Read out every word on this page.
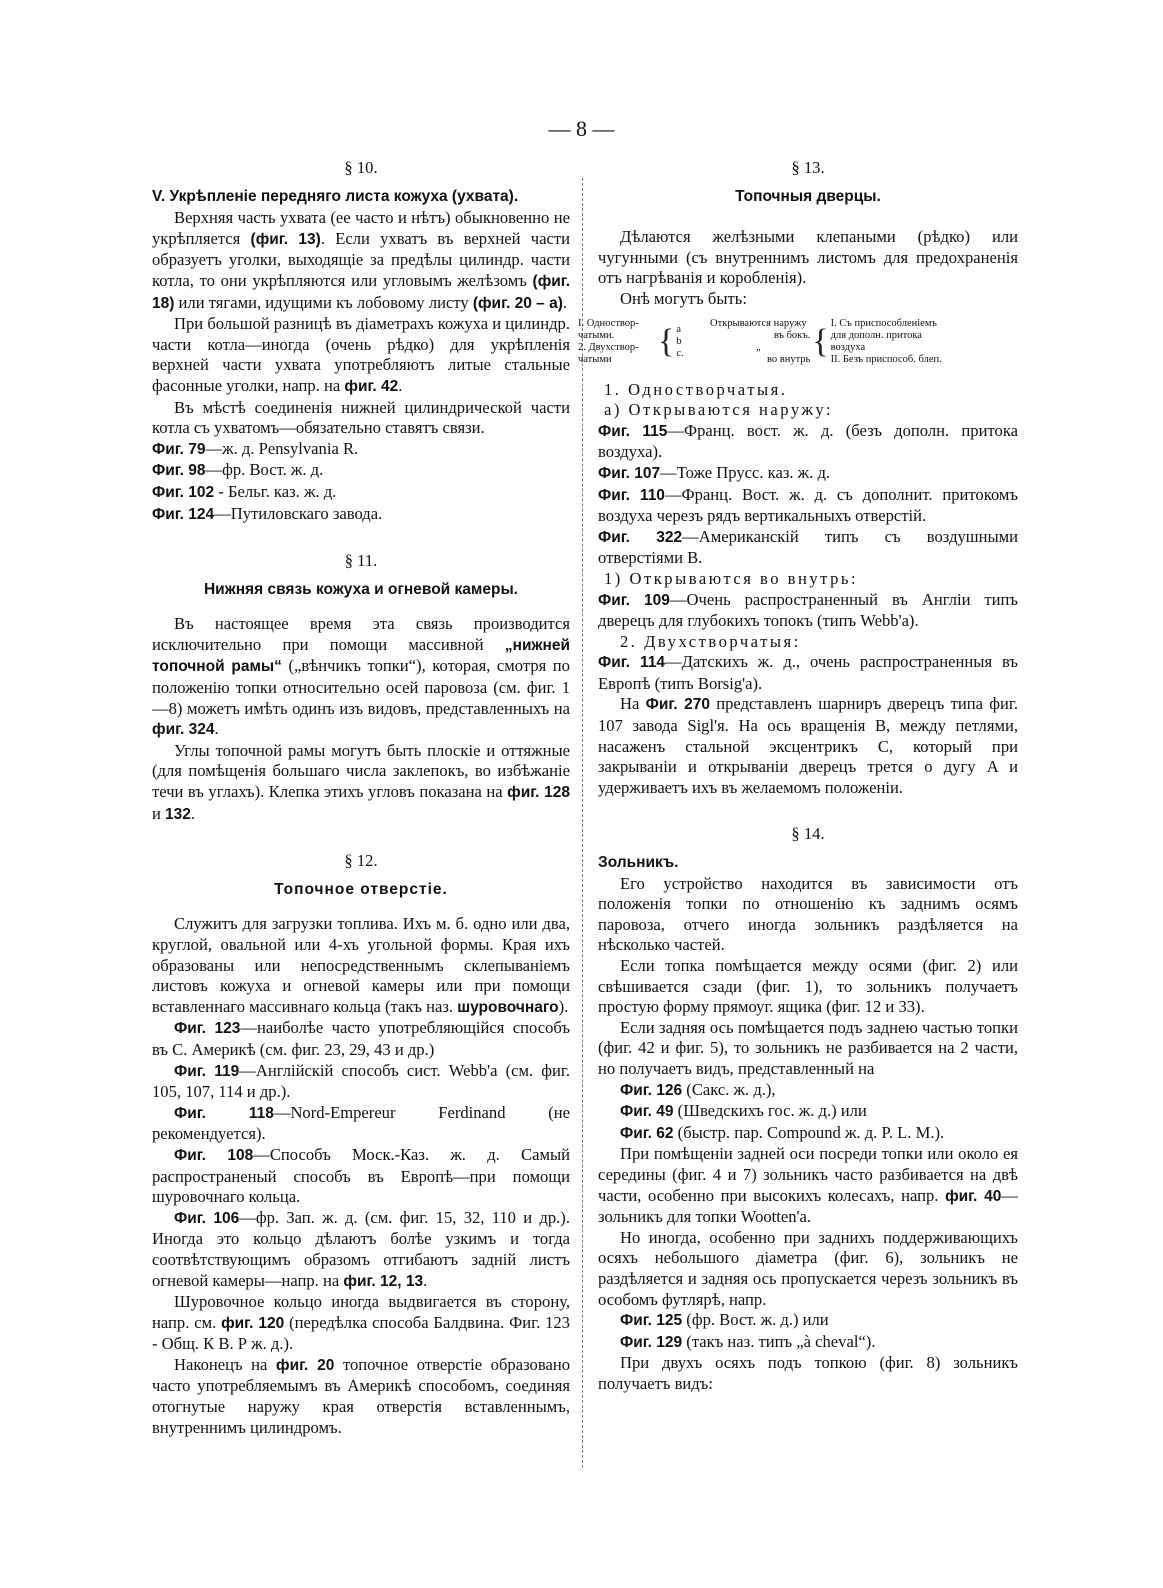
— 8 —
§ 10.
V. Укрѣпленіе передняго листа кожуха (ухвата).

Верхняя часть ухвата (ее часто и нѣтъ) обыкновенно не укрѣпляется (фиг. 13). Если ухватъ въ верхней части образуетъ уголки, выходящіе за предѣлы цилиндр. части котла, то они укрѣпляются или угловымъ желѣзомъ (фиг. 18) или тягами, идущими къ лобовому листу (фиг. 20 – а).

При большой разницѣ въ діаметрахъ кожуха и цилиндр. части котла—иногда (очень рѣдко) для укрѣпленія верхней части ухвата употребляютъ литые стальные фасонные уголки, напр. на фиг. 42.

Въ мѣстѣ соединенія нижней цилиндрической части котла съ ухватомъ—обязательно ставятъ связи.

Фиг. 79—ж. д. Pensylvania R.
Фиг. 98—фр. Вост. ж. д.
Фиг. 102 - Бельг. каз. ж. д.
Фиг. 124—Путиловскаго завода.
§ 11.
Нижняя связь кожуха и огневой камеры.

Въ настоящее время эта связь производится исключительно при помощи массивной „нижней топочной рамы“ („вѣнчикъ топки“), которая, смотря по положенію топки относительно осей паровоза (см. фиг. 1—8) можетъ имѣть одинъ изъ видовъ, представленныхъ на фиг. 324.

Углы топочной рамы могутъ быть плоскіе и оттяжные (для помѣщенія большаго числа заклепокъ, во избѣжаніе течи въ углахъ). Клепка этихъ угловъ показана на фиг. 128 и 132.

§ 12.
Топочное отверстіе.

Служитъ для загрузки топлива. Ихъ м. б. одно или два, круглой, овальной или 4-хъ угольной формы. Края ихъ образованы или непосредственнымъ склепываніемъ листовъ кожуха и огневой камеры или при помощи вставленнаго массивнаго кольца (такъ наз. шуровочнаго).

Фиг. 123—наиболѣе часто употребляющійся способъ въ С. Америкѣ (см. фиг. 23, 29, 43 и др.)

Фиг. 119—Англійскій способъ сист. Webb'a (см. фиг. 105, 107, 114 и др.).

Фиг. 118—Nord-Empereur Ferdinand (не рекомендуется).

Фиг. 108—Способъ Моск.-Каз. ж. д. Самый распространеный способъ въ Европѣ—при помощи шуровочнаго кольца.

Фиг. 106—фр. Зап. ж. д. (см. фиг. 15, 32, 110 и др.). Иногда это кольцо дѣлаютъ болѣе узкимъ и тогда соотвѣтствующимъ образомъ отгибаютъ задній листъ огневой камеры—напр. на фиг. 12, 13.

Шуровочное кольцо иногда выдвигается въ сторону, напр. см. фиг. 120 (передѣлка способа Балдвина. Фиг. 123 - Общ. К В. Р ж. д.).

Наконецъ на фиг. 20 топочное отверстіе образовано часто употребляемымъ въ Америкѣ способомъ, соединяя отогнутые наружу края отверстія вставленнымъ, внутреннимъ цилиндромъ.

§ 13.
Топочныя дверцы.

Дѣлаются желѣзными клепаными (рѣдко) или чугунными (съ внутреннимъ листомъ для предохраненія отъ нагрѣванія и коробленія).

Онѣ могутъ быть:

I. Одноствор-
чатыми.
2. Двухствор-
чатыми	{ a
b
c.
Открываются наружу
въ бокъ.
„
во внутрь { I. Съ приспособленіемъ
для дополн. притока
воздуха
II. Безъ приспособ. блеп.

1. Одностворчатыя.

a) Открываются наружу:

Фиг. 115—Франц. вост. ж. д. (безъ дополн. притока воздуха).

Фиг. 107—Тоже Прусс. каз. ж. д.

Фиг. 110—Франц. Вост. ж. д. съ дополнит. притокомъ воздуха черезъ рядъ вертикальныхъ отверстій.

Фиг. 322—Американскій типъ съ воздушными отверстіями B.

1) Открываются во внутрь:

Фиг. 109—Очень распространенный въ Англіи типъ дверецъ для глубокихъ топокъ (типъ Webb'a).

2. Двухстворчатыя:

Фиг. 114—Датскихъ ж. д., очень распространенныя въ Европѣ (типъ Borsig'a).

На Фиг. 270 представленъ шарниръ дверецъ типа фиг. 107 завода Sigl'я. На ось вращенія B, между петлями, насаженъ стальной эксцентрикъ C, который при закрываніи и открываніи дверецъ трется о дугу A и удерживаетъ ихъ въ желаемомъ положеніи.

§ 14.
Зольникъ.

Его устройство находится въ зависимости отъ положенія топки по отношенію къ заднимъ осямъ паровоза, отчего иногда зольникъ раздѣляется на нѣсколько частей.

Если топка помѣщается между осями (фиг. 2) или свѣшивается сзади (фиг. 1), то зольникъ получаетъ простую форму прямоуг. ящика (фиг. 12 и 33).

Если задняя ось помѣщается подъ заднею частью топки (фиг. 42 и фиг. 5), то зольникъ не разбивается на 2 части, но получаетъ видъ, представленный на

Фиг. 126 (Сакс. ж. д.),

Фиг. 49 (Шведскихъ гос. ж. д.) или

Фиг. 62 (быстр. пар. Compound ж. д. P. L. M.).

При помѣщеніи задней оси посреди топки или около ея середины (фиг. 4 и 7) зольникъ часто разбивается на двѣ части, особенно при высокихъ колесахъ, напр. фиг. 40—зольникъ для топки Wootten'a.

Но иногда, особенно при заднихъ поддерживающихъ осяхъ небольшого діаметра (фиг. 6), зольникъ не раздѣляется и задняя ось пропускается черезъ зольникъ въ особомъ футлярѣ, напр.

Фиг. 125 (фр. Вост. ж. д.) или

Фиг. 129 (такъ наз. типъ „à cheval“).

При двухъ осяхъ подъ топкою (фиг. 8) зольникъ получаетъ видъ:
